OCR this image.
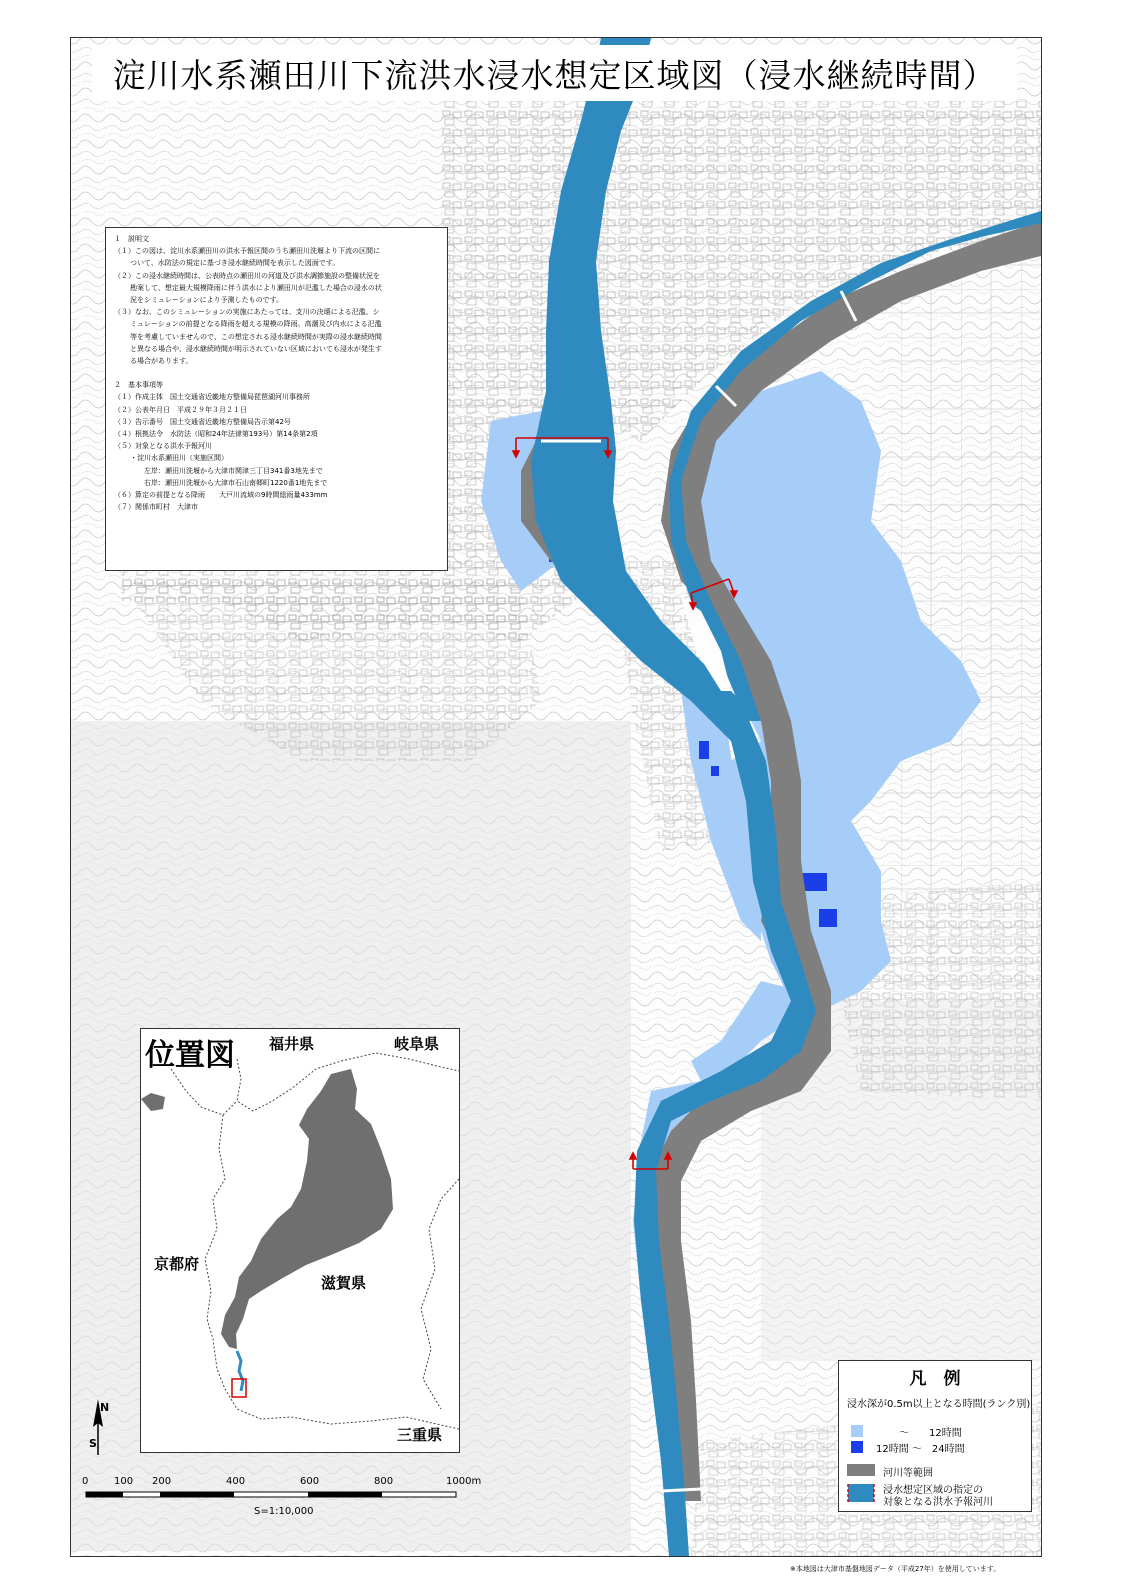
淀川水系瀬田川下流洪水浸水想定区域図（浸水継続時間）

１　説明文

（１）この図は、淀川水系瀬田川の洪水予報区間のうち瀬田川洗堰より下流の区間に

ついて、水防法の規定に基づき浸水継続時間を表示した図面です。

（２）この浸水継続時間は、公表時点の瀬田川の河道及び洪水調節施設の整備状況を

勘案して、想定最大規模降雨に伴う洪水により瀬田川が氾濫した場合の浸水の状

況をシミュレーションにより予測したものです。

（３）なお、このシミュレーションの実施にあたっては、支川の決壊による氾濫、シ

ミュレーションの前提となる降雨を超える規模の降雨、高潮及び内水による氾濫

等を考慮していませんので、この想定される浸水継続時間が実際の浸水継続時間

と異なる場合や、浸水継続時間が明示されていない区域においても浸水が発生す

る場合があります。

２　基本事項等

（１）作成主体　国土交通省近畿地方整備局琵琶湖河川事務所

（２）公表年月日　平成２９年３月２１日

（３）告示番号　国土交通省近畿地方整備局告示第42号

（４）根拠法令　水防法（昭和24年法律第193号）第14条第2項

（５）対象となる洪水予報河川

・淀川水系瀬田川（実施区間）

左岸：瀬田川洗堰から大津市関津三丁目341番3地先まで

右岸：瀬田川洗堰から大津市石山南郷町1220番1地先まで

（６）算定の前提となる降雨　　大戸川流域の9時間総雨量433mm

（７）関係市町村　大津市

位置図 福井県	岐阜県
京都府
滋賀県
三重県
N
S
0	100 200	400	600	800	1000m
S=1:10,000
凡　例
浸水深が0.5m以上となる時間(ランク別)
～　　12時間
12時間 ～　24時間
河川等範囲
浸水想定区域の指定の
対象となる洪水予報河川
※本地図は大津市基盤地図データ（平成27年）を使用しています。
